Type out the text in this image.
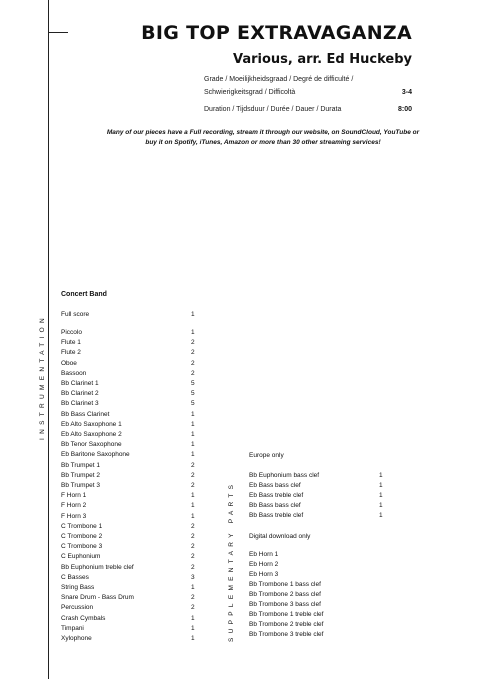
BIG TOP EXTRAVAGANZA
Various, arr. Ed Huckeby
Grade / Moeilijkheidsgraad / Degré de difficulté /
Schwierigkeitsgrad / Difficoltà	3-4
Duration / Tijdsduur / Durée / Dauer / Durata	8:00
Many of our pieces have a Full recording, stream it through our website, on SoundCloud, YouTube or buy it on Spotify, iTunes, Amazon or more than 30 other streaming services!
INSTRUMENTATION
SUPPLEMENTARY PARTS
Concert Band
Full score	1
Piccolo	1
Flute 1	2
Flute 2	2
Oboe	2
Bassoon	2
Bb Clarinet 1	5
Bb Clarinet 2	5
Bb Clarinet 3	5
Bb Bass Clarinet	1
Eb Alto Saxophone 1	1
Eb Alto Saxophone 2	1
Bb Tenor Saxophone	1
Eb Baritone Saxophone	1
Bb Trumpet 1	2
Bb Trumpet 2	2
Bb Trumpet 3	2
F Horn 1	1
F Horn 2	1
F Horn 3	1
C Trombone 1	2
C Trombone 2	2
C Trombone 3	2
C Euphonium	2
Bb Euphonium treble clef	2
C Basses	3
String Bass	1
Snare Drum - Bass Drum	2
Percussion	2
Crash Cymbals	1
Timpani	1
Xylophone	1
Europe only
Bb Euphonium bass clef	1
Eb Bass bass clef	1
Eb Bass treble clef	1
Bb Bass bass clef	1
Bb Bass treble clef	1
Digital download only
Eb Horn 1
Eb Horn 2
Eb Horn 3
Bb Trombone 1 bass clef
Bb Trombone 2 bass clef
Bb Trombone 3 bass clef
Bb Trombone 1 treble clef
Bb Trombone 2 treble clef
Bb Trombone 3 treble clef
